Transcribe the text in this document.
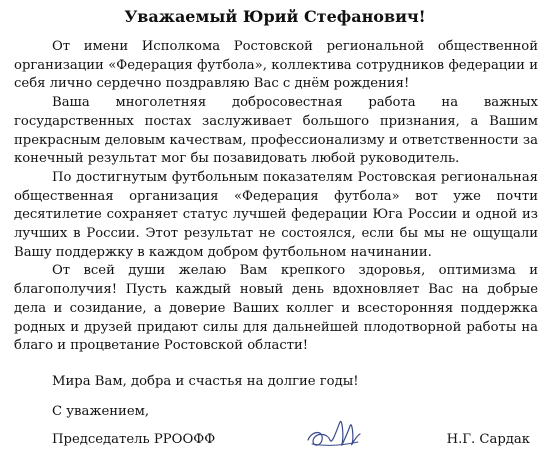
Уважаемый Юрий Стефанович!

От имени Исполкома Ростовской региональной общественной организации «Федерация футбола», коллектива сотрудников федерации и себя лично сердечно поздравляю Вас с днём рождения!

Ваша многолетняя добросовестная работа на важных государственных постах заслуживает большого признания, а Вашим прекрасным деловым качествам, профессионализму и ответственности за конечный результат мог бы позавидовать любой руководитель.

По достигнутым футбольным показателям Ростовская региональная общественная организация «Федерация футбола» вот уже почти десятилетие сохраняет статус лучшей федерации Юга России и одной из лучших в России. Этот результат не состоялся, если бы мы не ощущали Вашу поддержку в каждом добром футбольном начинании.

От всей души желаю Вам крепкого здоровья, оптимизма и благополучия! Пусть каждый новый день вдохновляет Вас на добрые дела и созидание, а доверие Ваших коллег и всесторонняя поддержка родных и друзей придают силы для дальнейшей плодотворной работы на благо и процветание Ростовской области!

Мира Вам, добра и счастья на долгие годы!
С уважением,
Председатель РРООФФ	Н.Г. Сардак
